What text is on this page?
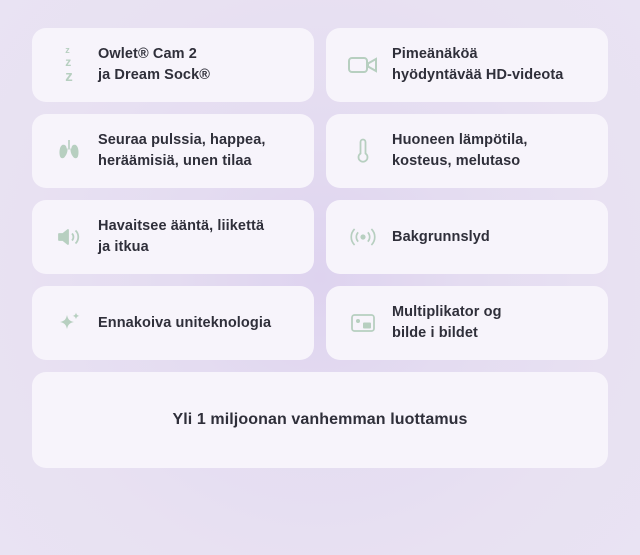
z
z
z
Owlet® Cam 2
ja Dream Sock®
Pimeänäköä
hyödyntävää HD-videota
Seuraa pulssia, happea,
heräämisiä, unen tilaa
Huoneen lämpötila,
kosteus, melutaso
Havaitsee ääntä, liikettä
ja itkua
Bakgrunnslyd
Ennakoiva uniteknologia
Multiplikator og
bilde i bildet
Yli 1 miljoonan vanhemman luottamus
